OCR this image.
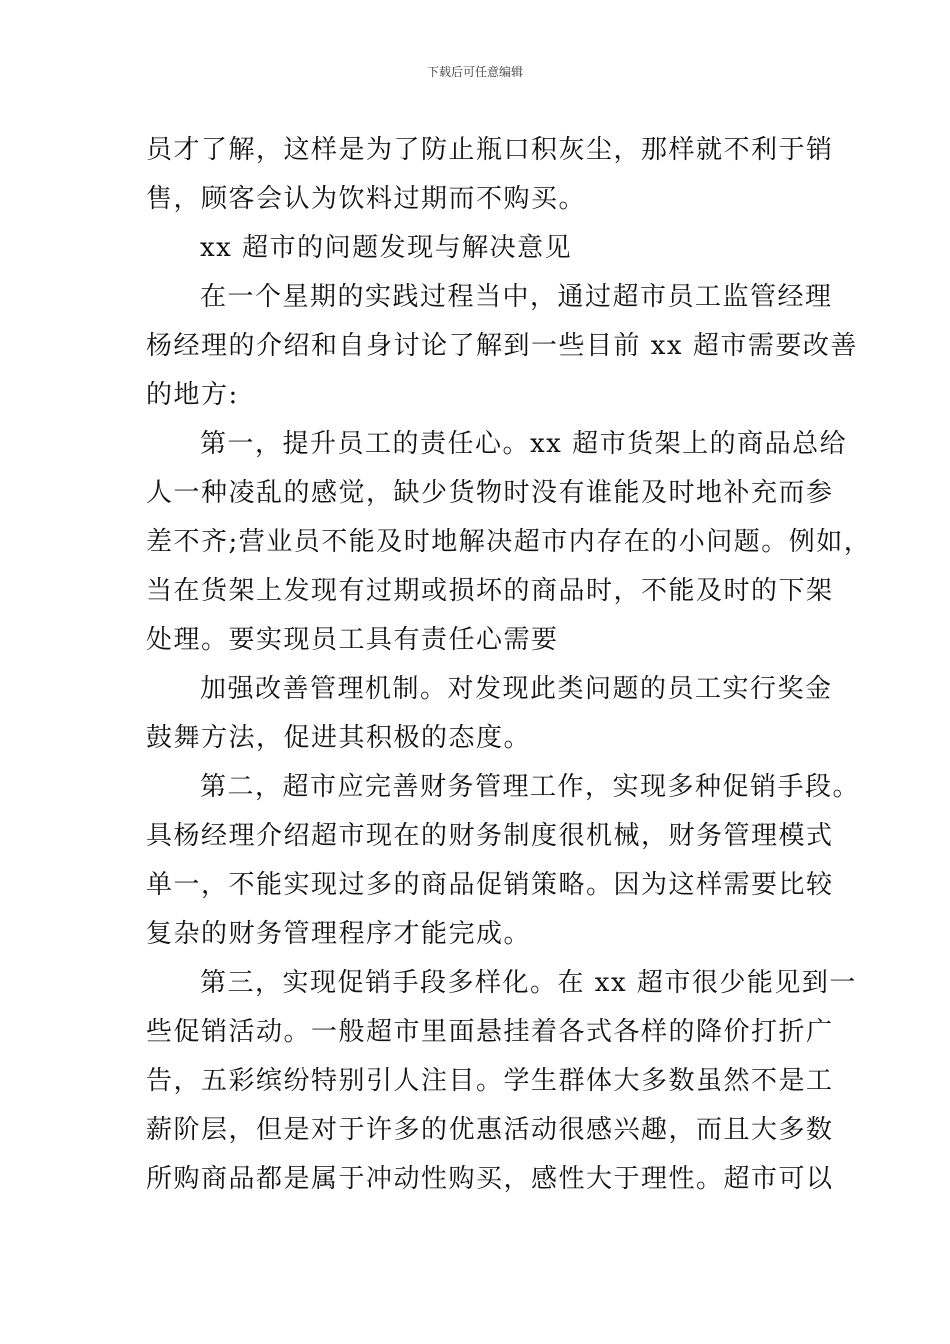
下载后可任意编辑
员才了解，这样是为了防止瓶口积灰尘，那样就不利于销
售，顾客会认为饮料过期而不购买。
xx 超市的问题发现与解决意见
在一个星期的实践过程当中，通过超市员工监管经理
杨经理的介绍和自身讨论了解到一些目前 xx 超市需要改善
的地方:
第一，提升员工的责任心。xx 超市货架上的商品总给
人一种凌乱的感觉，缺少货物时没有谁能及时地补充而参
差不齐;营业员不能及时地解决超市内存在的小问题。例如，
当在货架上发现有过期或损坏的商品时，不能及时的下架
处理。要实现员工具有责任心需要
加强改善管理机制。对发现此类问题的员工实行奖金
鼓舞方法，促进其积极的态度。
第二，超市应完善财务管理工作，实现多种促销手段。
具杨经理介绍超市现在的财务制度很机械，财务管理模式
单一，不能实现过多的商品促销策略。因为这样需要比较
复杂的财务管理程序才能完成。
第三，实现促销手段多样化。在 xx 超市很少能见到一
些促销活动。一般超市里面悬挂着各式各样的降价打折广
告，五彩缤纷特别引人注目。学生群体大多数虽然不是工
薪阶层，但是对于许多的优惠活动很感兴趣，而且大多数
所购商品都是属于冲动性购买，感性大于理性。超市可以
